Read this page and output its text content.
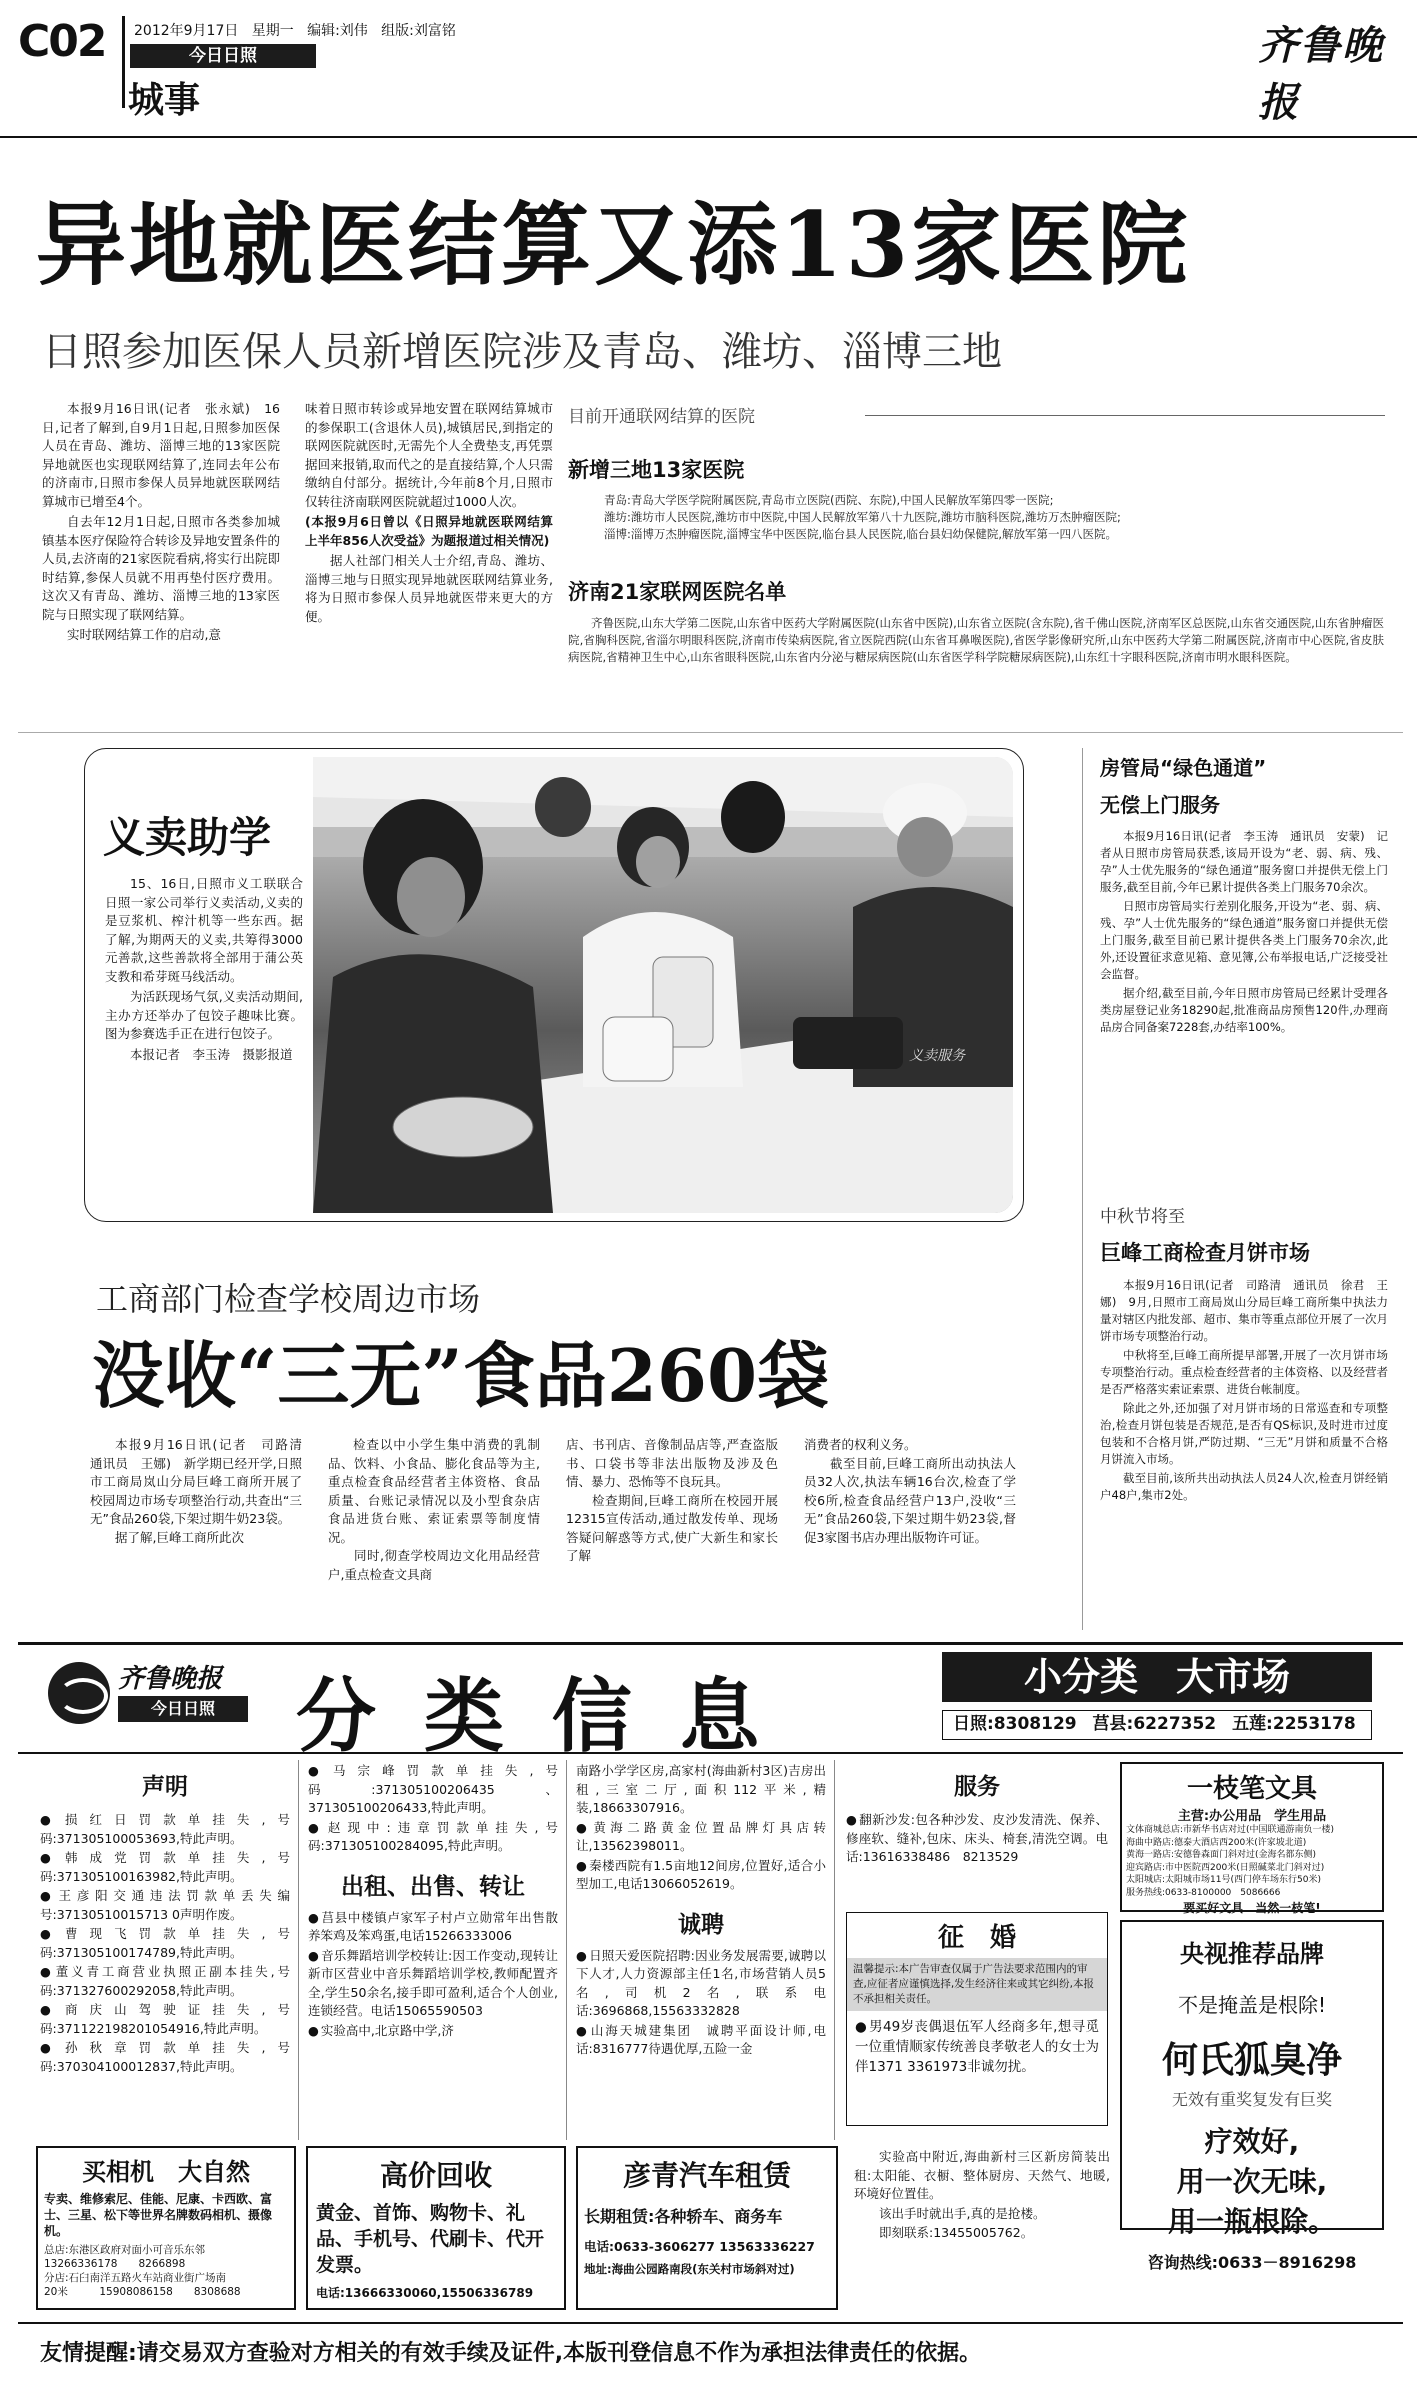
C02 2012年9月17日 星期一 编辑:刘伟 组版:刘富铭
今日日照
城事
齐鲁晚报
异地就医结算又添13家医院
日照参加医保人员新增医院涉及青岛、潍坊、淄博三地

本报9月16日讯(记者　张永斌)　16日,记者了解到,自9月1日起,日照参加医保人员在青岛、潍坊、淄博三地的13家医院异地就医也实现联网结算了,连同去年公布的济南市,日照市参保人员异地就医联网结算城市已增至4个。

自去年12月1日起,日照市各类参加城镇基本医疗保险符合转诊及异地安置条件的人员,去济南的21家医院看病,将实行出院即时结算,参保人员就不用再垫付医疗费用。这次又有青岛、潍坊、淄博三地的13家医院与日照实现了联网结算。

实时联网结算工作的启动,意

味着日照市转诊或异地安置在联网结算城市的参保职工(含退休人员),城镇居民,到指定的联网医院就医时,无需先个人全费垫支,再凭票据回来报销,取而代之的是直接结算,个人只需缴纳自付部分。据统计,今年前8个月,日照市仅转往济南联网医院就超过1000人次。

(本报9月6日曾以《日照异地就医联网结算上半年856人次受益》为题报道过相关情况)

据人社部门相关人士介绍,青岛、潍坊、淄博三地与日照实现异地就医联网结算业务,将为日照市参保人员异地就医带来更大的方便。

目前开通联网结算的医院
新增三地13家医院
青岛:青岛大学医学院附属医院,青岛市立医院(西院、东院),中国人民解放军第四零一医院;
潍坊:潍坊市人民医院,潍坊市中医院,中国人民解放军第八十九医院,潍坊市脑科医院,潍坊万杰肿瘤医院;
淄博:淄博万杰肿瘤医院,淄博宝华中医医院,临台县人民医院,临台县妇幼保健院,解放军第一四八医院。
济南21家联网医院名单
齐鲁医院,山东大学第二医院,山东省中医药大学附属医院(山东省中医院),山东省立医院(含东院),省千佛山医院,济南军区总医院,山东省交通医院,山东省肿瘤医院,省胸科医院,省淄尔明眼科医院,济南市传染病医院,省立医院西院(山东省耳鼻喉医院),省医学影像研究所,山东中医药大学第二附属医院,济南市中心医院,省皮肤病医院,省精神卫生中心,山东省眼科医院,山东省内分泌与糖尿病医院(山东省医学科学院糖尿病医院),山东红十字眼科医院,济南市明水眼科医院。
义卖助学

15、16日,日照市义工联联合日照一家公司举行义卖活动,义卖的是豆浆机、榨汁机等一些东西。据了解,为期两天的义卖,共筹得3000元善款,这些善款将全部用于蒲公英支教和希芽斑马线活动。

为活跃现场气氛,义卖活动期间,主办方还举办了包饺子趣味比赛。图为参赛选手正在进行包饺子。

本报记者　李玉涛　摄影报道	义卖服务
工商部门检查学校周边市场
没收“三无”食品260袋

本报9月16日讯(记者　司路清　通讯员　王娜)　新学期已经开学,日照市工商局岚山分局巨峰工商所开展了校园周边市场专项整治行动,共查出“三无”食品260袋,下架过期牛奶23袋。
　　据了解,巨峰工商所此次

检查以中小学生集中消费的乳制品、饮料、小食品、膨化食品等为主,重点检查食品经营者主体资格、食品质量、台账记录情况以及小型食杂店食品进货台账、索证索票等制度情况。
　　同时,彻查学校周边文化用品经营户,重点检查文具商

店、书刊店、音像制品店等,严查盗版书、口袋书等非法出版物及涉及色情、暴力、恐怖等不良玩具。
　　检查期间,巨峰工商所在校园开展12315宣传活动,通过散发传单、现场答疑问解惑等方式,使广大新生和家长了解

消费者的权利义务。
　　截至目前,巨峰工商所出动执法人员32人次,执法车辆16台次,检查了学校6所,检查食品经营户13户,没收“三无”食品260袋,下架过期牛奶23袋,督促3家图书店办理出版物许可证。

房管局“绿色通道”
无偿上门服务

本报9月16日讯(记者　李玉涛　通讯员　安蒙)　记者从日照市房管局获悉,该局开设为“老、弱、病、残、孕”人士优先服务的“绿色通道”服务窗口并提供无偿上门服务,截至目前,今年已累计提供各类上门服务70余次。

日照市房管局实行差别化服务,开设为“老、弱、病、残、孕”人士优先服务的“绿色通道”服务窗口并提供无偿上门服务,截至目前已累计提供各类上门服务70余次,此外,还设置征求意见箱、意见簿,公布举报电话,广泛接受社会监督。

据介绍,截至目前,今年日照市房管局已经累计受理各类房屋登记业务18290起,批准商品房预售120件,办理商品房合同备案7228套,办结率100%。

中秋节将至
巨峰工商检查月饼市场

本报9月16日讯(记者　司路清　通讯员　徐君　王娜)　9月,日照市工商局岚山分局巨峰工商所集中执法力量对辖区内批发部、超市、集市等重点部位开展了一次月饼市场专项整治行动。

中秋将至,巨峰工商所提早部署,开展了一次月饼市场专项整治行动。重点检查经营者的主体资格、以及经营者是否严格落实索证索票、进货台帐制度。

除此之外,还加强了对月饼市场的日常巡查和专项整治,检查月饼包装是否规范,是否有QS标识,及时进市过度包装和不合格月饼,严防过期、“三无”月饼和质量不合格月饼流入市场。

截至目前,该所共出动执法人员24人次,检查月饼经销户48户,集市2处。

齐鲁晚报
今日日照	分 类 信 息	小分类　大市场
日照:8308129 莒县:6227352 五莲:2253178
声明

● 损红日罚款单挂失,号码:371305100053693,特此声明。

● 韩成党罚款单挂失,号码:371305100163982,特此声明。

● 王彦阳交通违法罚款单丢失编号:37130510015713 0声明作废。

● 曹现飞罚款单挂失,号码:371305100174789,特此声明。

● 董义青工商营业执照正副本挂失,号码:371327600292058,特此声明。

● 商庆山驾驶证挂失,号码:371122198201054916,特此声明。

● 孙秋章罚款单挂失,号码:370304100012837,特此声明。

● 马宗峰罚款单挂失,号码:371305100206435、371305100206433,特此声明。

● 赵现中:违章罚款单挂失,号码:371305100284095,特此声明。

出租、出售、转让

● 莒县中楼镇卢家军子村卢立勋常年出售散养笨鸡及笨鸡蛋,电话15266333006

● 音乐舞蹈培训学校转让:因工作变动,现转让新市区营业中音乐舞蹈培训学校,教师配置齐全,学生50余名,接手即可盈利,适合个人创业,连锁经营。电话15065590503

● 实验高中,北京路中学,济

南路小学学区房,高家村(海曲新村3区)吉房出租,三室二厅,面积112平米,精装,18663307916。

● 黄海二路黄金位置品牌灯具店转让,13562398011。

● 秦楼西院有1.5亩地12间房,位置好,适合小型加工,电话13066052619。

诚聘

● 日照天爱医院招聘:因业务发展需要,诚聘以下人才,人力资源部主任1名,市场营销人员5名,司机2名,联系电话:3696868,15563332828

● 山海天城建集团　诚聘平面设计师,电话:8316777待遇优厚,五险一金

服务

● 翻新沙发:包各种沙发、皮沙发清洗、保养、修座软、缝补,包床、床头、椅套,清洗空调。电话:13616338486　8213529

征　婚
温馨提示:本广告审查仅属于广告法要求范围内的审查,应征者应谨慎选择,发生经济往来或其它纠纷,本报不承担相关责任。
● 男49岁丧偶退伍军人经商多年,想寻觅一位重情顺家传统善良孝敬老人的女士为伴1371 3361973非诚勿扰。
一枝笔文具
主营:办公用品　学生用品
文体商城总店:市新华书店对过(中国联通游南负一楼)
海曲中路店:德泰大酒店西200米(许家坡北道)
黄海一路店:安德鲁森面门斜对过(金海名都东侧)
迎宾路店:市中医院西200米(日照碱菜北门斜对过)
太阳城店:太阳城市场11号(西门停车场东行50米)
服务热线:0633-8100000　5086666
要买好文具　当然一枝笔!
央视推荐品牌
不是掩盖是根除!
何氏狐臭净
无效有重奖复发有巨奖
疗效好,
用一次无味,
用一瓶根除。
咨询热线:0633－8916298
买相机　大自然
专卖、维修索尼、佳能、尼康、卡西欧、富士、三星、松下等世界名牌数码相机、摄像机。
总店:东港区政府对面小可音乐东邻
13266336178　　8266898
分店:石臼南洋五路火车站商业街广场南
20米　　　15908086158　　8308688
高价回收
黄金、首饰、购物卡、礼品、手机号、代刷卡、代开发票。
电话:13666330060,15506336789
彦青汽车租赁
长期租赁:各种轿车、商务车
电话:0633-3606277 13563336227
地址:海曲公园路南段(东关村市场斜对过)

实验高中附近,海曲新村三区新房简装出租:太阳能、衣橱、整体厨房、天然气、地暖,环境好位置佳。

该出手时就出手,真的是抢楼。

即刻联系:13455005762。

友情提醒:请交易双方查验对方相关的有效手续及证件,本版刊登信息不作为承担法律责任的依据。
